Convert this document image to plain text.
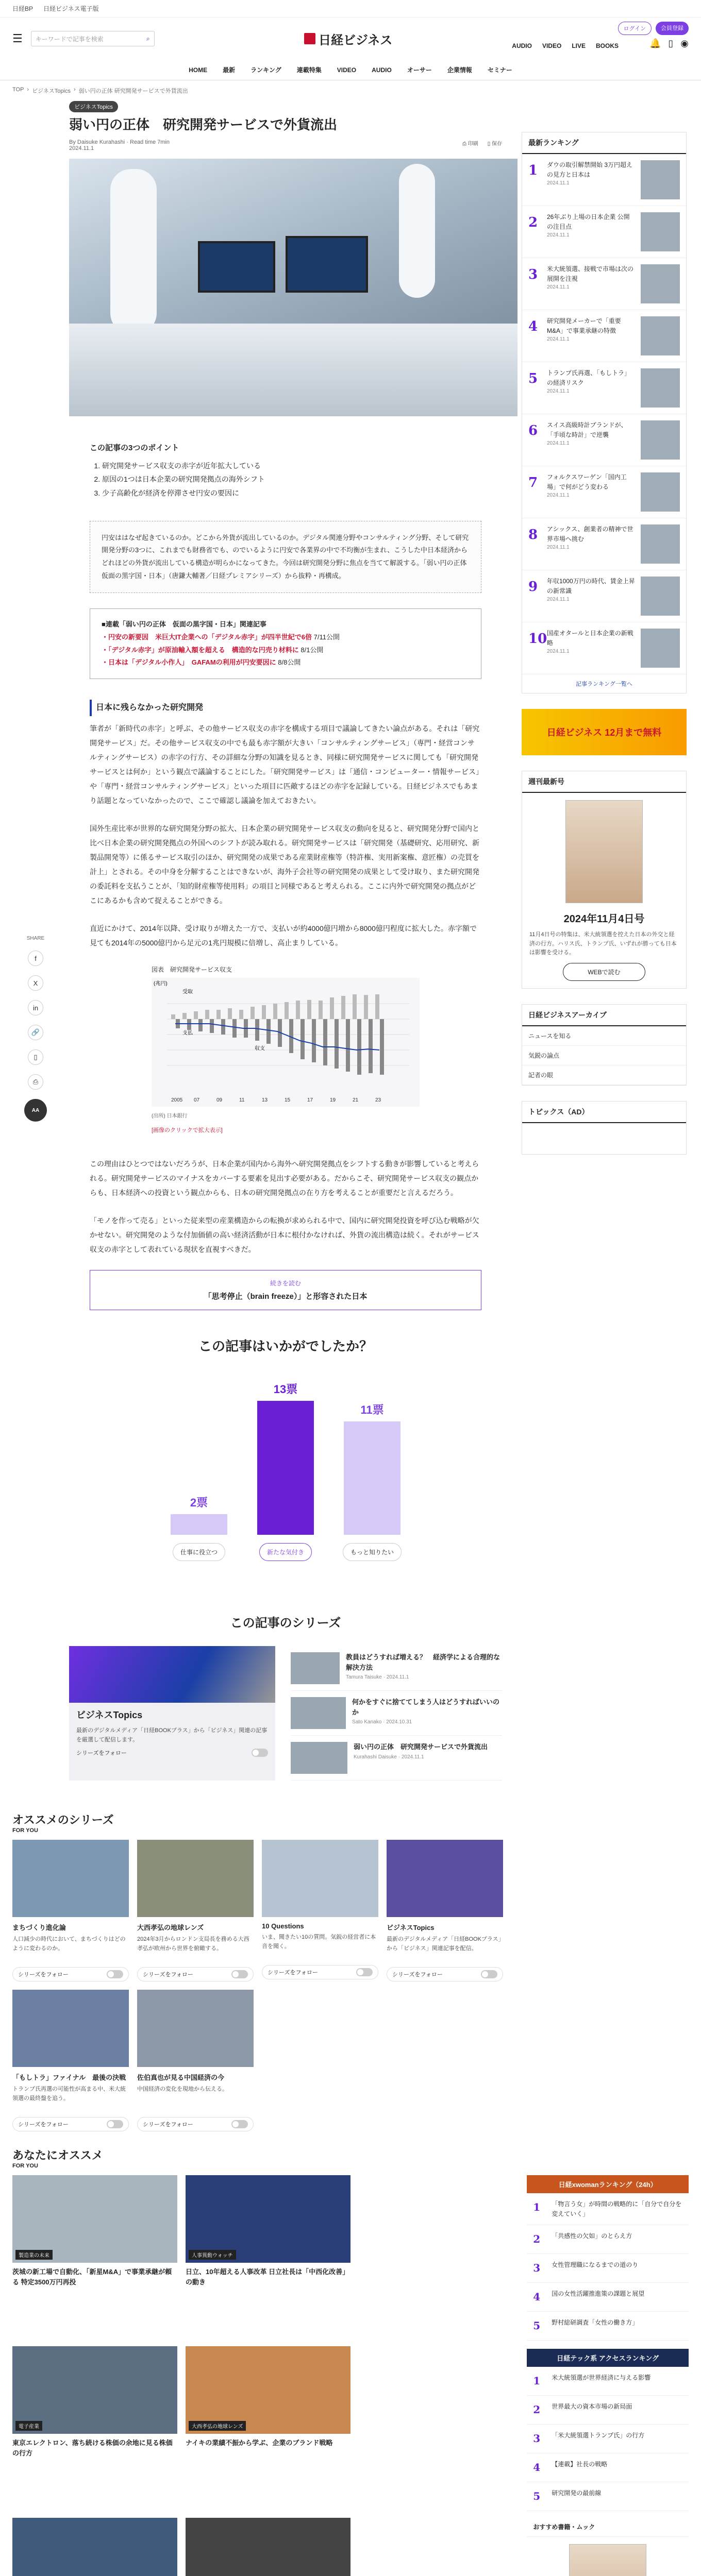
日経BP 日経ビジネス電子版
☰ キーワードで記事を検索	⌕	日経ビジネス
ログイン	会員登録
AUDIO VIDEO LIVE BOOKS	🔔 ▯ ◉
HOME	最新	ランキング	連載特集	VIDEO	AUDIO	オーサー	企業情報	セミナー
TOP › ビジネスTopics › 弱い円の正体 研究開発サービスで外貨流出
SHARE
f
X
in
🔗
▯
⎙
AA
ビジネスTopics
弱い円の正体　研究開発サービスで外貨流出
By Daisuke Kurahashi · Read time 7min
2024.11.1
⎙ 印刷 ▯ 保存
この記事の3つのポイント
1. 研究開発サービス収支の赤字が近年拡大している
2. 原因の1つは日本企業の研究開発拠点の海外シフト
3. 少子高齢化が経済を停滞させ円安の要因に
円安ははなぜ起きているのか。どこから外貨が流出しているのか。デジタル関連分野やコンサルティング分野、そして研究開発分野の3つに、これまでも財務省でも、のでいるように円安で各業界の中で不均衡が生まれ、こうした中日本経済からどれほどの外貨が流出している構造が明らかになってきた。今回は研究開発分野に焦点を当てて解説する。「弱い円の正体　仮面の黒字国・日本」（唐鎌大輔著／日経プレミアシリーズ）から抜粋・再構成。
■連載「弱い円の正体　仮面の黒字国・日本」関連記事
・円安の新要因　米巨大IT企業への「デジタル赤字」が四半世紀で6倍 7/11公開
・「デジタル赤字」が原油輸入額を超える　構造的な円売り材料に 8/1公開
・日本は「デジタル小作人」　GAFAMの利用が円安要因に 8/8公開
日本に残らなかった研究開発

筆者が「新時代の赤字」と呼ぶ、その他サービス収支の赤字を構成する項目で議論してきたい論点がある。それは「研究開発サービス」だ。その他サービス収支の中でも最も赤字額が大きい「コンサルティングサービス」（専門・経営コンサルティングサービス）の赤字の行方、その詳細な分野の知識を見るとき、同様に研究開発サービスに関しても「研究開発サービスとは何か」という観点で議論することにした。「研究開発サービス」は「通信・コンピューター・情報サービス」や「専門・経営コンサルティングサービス」といった項目に匹敵するほどの赤字を記録している。日経ビジネスでもあまり話題となっていなかったので、ここで確認し議論を加えておきたい。

国外生産比率が世界的な研究開発分野の拡大、日本企業の研究開発サービス収支の動向を見ると、研究開発分野で国内と比べ日本企業の研究開発拠点の外国へのシフトが読み取れる。研究開発サービスは「研究開発（基礎研究、応用研究、新製品開発等）に係るサービス取引のほか、研究開発の成果である産業財産権等（特許権、実用新案権、意匠権）の売買を計上」とされる。その中身を分解することはできないが、海外子会社等の研究開発の成果として受け取り、また研究開発の委託料を支払うことが、「知的財産権等使用料」の項目と同様であると考えられる。ここに内外で研究開発の拠点がどこにあるかも含めて捉えることができる。

直近にかけて、2014年以降、受け取りが増えた一方で、支払いが約4000億円増から8000億円程度に拡大した。赤字額で見ても2014年の5000億円から足元の1兆円規模に倍増し、高止まりしている。

図表　研究開発サービス収支
2005 07	09	11	13	15	17	19	21	23
受取
支払
収支
(兆円)
(出所) 日本銀行
[画像のクリックで拡大表示]

この理由はひとつではないだろうが、日本企業が国内から海外へ研究開発拠点をシフトする動きが影響していると考えられる。研究開発サービスのマイナスをカバーする要素を見出す必要がある。だからこそ、研究開発サービス収支の観点からも、日本経済への投資という観点からも、日本の研究開発拠点の在り方を考えることが重要だと言えるだろう。

「モノを作って売る」といった従来型の産業構造からの転換が求められる中で、国内に研究開発投資を呼び込む戦略が欠かせない。研究開発のような付加価値の高い経済活動が日本に根付かなければ、外貨の流出構造は続く。それがサービス収支の赤字として表れている現状を直視すべきだ。

続きを読む
「思考停止（brain freeze）」と形容された日本
この記事はいかがでしたか？
2票
仕事に役立つ
13票
新たな気付き
11票
もっと知りたい
この記事のシリーズ
ビジネスTopics
最新のデジタルメディア「日経BOOKプラス」から「ビジネス」関連の記事を厳選して配信します。
シリーズをフォロー
教員はどうすれば増える？　経済学による合理的な解決方法
Tamura Taisuke · 2024.11.1
何かをすぐに捨ててしまう人はどうすればいいのか
Sato Kanako · 2024.10.31
弱い円の正体　研究開発サービスで外貨流出
Kurahashi Daisuke · 2024.11.1
最新ランキング
1	ダウの取引解禁開始 3万円超えの見方と日本は
2024.11.1
2	26年ぶり上場の日本企業 公開の注目点
2024.11.1
3	米大統領選、接戦で市場は次の展開を注視
2024.11.1
4	研究開発メーカーで「重要M&A」で事業承継の特徴
2024.11.1
5	トランプ氏再選、「もしトラ」の経済リスク
2024.11.1
6	スイス高級時計ブランドが、「手頃な時計」で逆襲
2024.11.1
7	フォルクスワーゲン「国内工場」で何がどう変わる
2024.11.1
8	アシックス、創業者の精神で世界市場へ挑む
2024.11.1
9	年収1000万円の時代、賃金上昇の新常識
2024.11.1
10 国産オタールと日本企業の新戦略
2024.11.1
記事ランキング一覧へ
日経ビジネス 12月まで無料
週刊最新号
2024年11月4日号
11月4日号の特集は、米大統領選を控えた日本の外交と経済の行方。ハリス氏、トランプ氏、いずれが勝っても日本は影響を受ける。
WEBで読む
日経ビジネスアーカイブ
ニュースを知る
気鋭の論点
記者の眼
トピックス（AD）
オススメのシリーズ
FOR YOU
まちづくり進化論
人口減少の時代において、まちづくりはどのように変わるのか。
シリーズをフォロー
大西孝弘の地球レンズ
2024年3月からロンドン支局長を務める大西孝弘が欧州から世界を俯瞰する。
シリーズをフォロー
10 Questions
いま、聞きたい10の質問。気鋭の経営者に本音を聞く。
シリーズをフォロー
ビジネスTopics
最新のデジタルメディア「日経BOOKプラス」から「ビジネス」関連記事を配信。
シリーズをフォロー
「もしトラ」ファイナル　最後の決戦
トランプ氏再選の可能性が高まる中、米大統領選の最終盤を追う。
シリーズをフォロー
佐伯真也が見る中国経済の今
中国経済の変化を現地から伝える。
シリーズをフォロー
あなたにオススメ
FOR YOU
製造業の未来
茨城の新工場で自動化、「新星M&A」で事業承継が頼る 特定3500万円再投
人事異動ウォッチ
日立、10年超える人事改革 日立社長は「中西化改善」の動き
電子産業
東京エレクトロン、落ち続ける株価の余地に見る株価の行方
大西孝弘の地球レンズ
ナイキの業績不振から学ぶ、企業のブランド戦略
日経xwomanランキング（24h）
1	「物言う女」が時間の戦略的に「自分で自分を変えていく」
2	「共感性の欠如」のとらえ方
3	女性管理職になるまでの道のり
4	国の女性活躍推進策の課題と展望
5	野村総研調査「女性の働き方」
日経テック系 アクセスランキング
1	米大統領選が世界経済に与える影響
2	世界最大の資本市場の新局面
3	「米大統領選トランプ氏」の行方
4	【連載】社長の戦略
5	研究開発の最前線
おすすめ書籍・ムック
